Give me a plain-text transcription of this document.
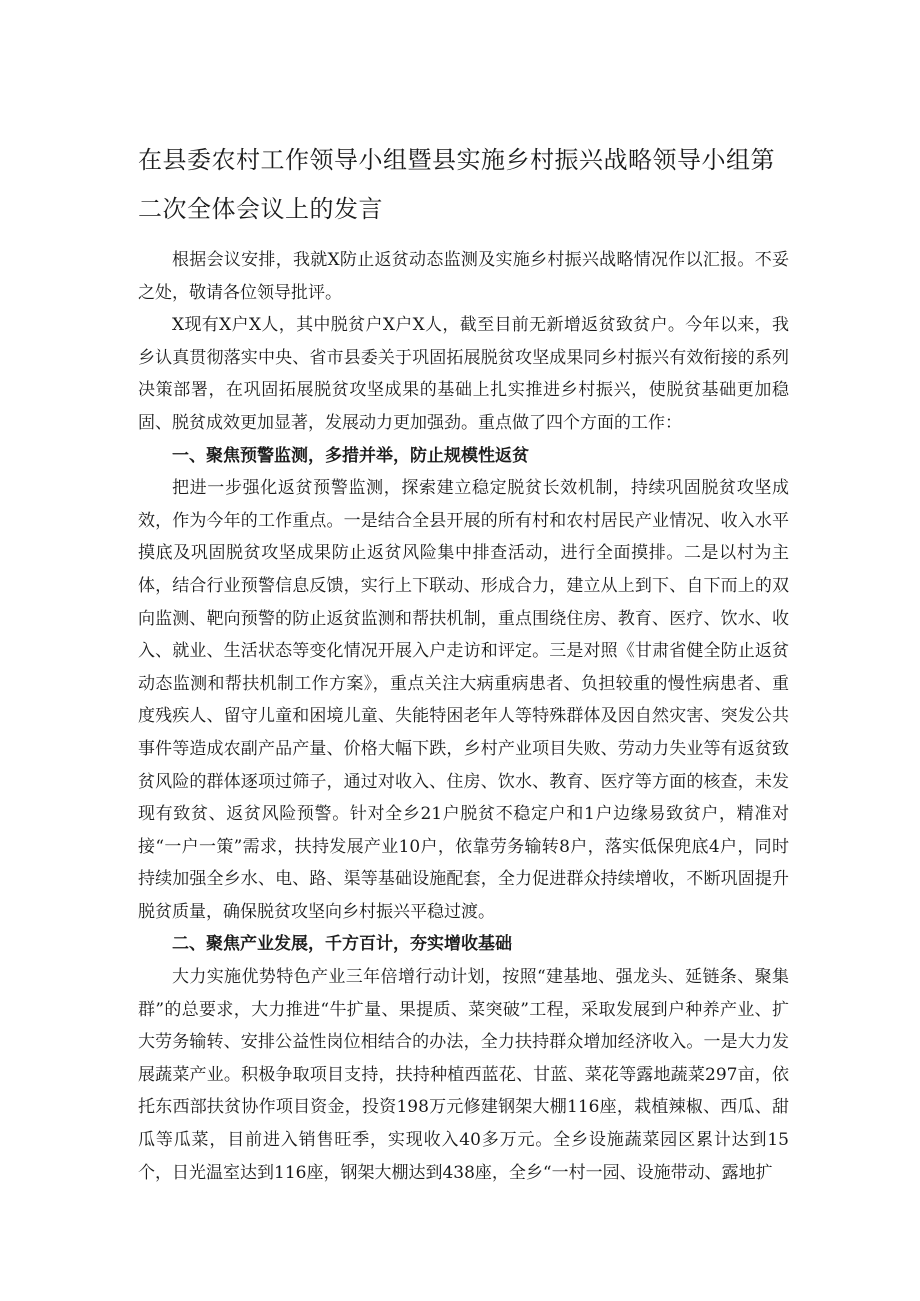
在县委农村工作领导小组暨县实施乡村振兴战略领导小组第二次全体会议上的发言

根据会议安排，我就X防止返贫动态监测及实施乡村振兴战略情况作以汇报。不妥之处，敬请各位领导批评。

X现有X户X人，其中脱贫户X户X人，截至目前无新增返贫致贫户。今年以来，我乡认真贯彻落实中央、省市县委关于巩固拓展脱贫攻坚成果同乡村振兴有效衔接的系列决策部署，在巩固拓展脱贫攻坚成果的基础上扎实推进乡村振兴，使脱贫基础更加稳固、脱贫成效更加显著，发展动力更加强劲。重点做了四个方面的工作：

一、聚焦预警监测，多措并举，防止规模性返贫

把进一步强化返贫预警监测，探索建立稳定脱贫长效机制，持续巩固脱贫攻坚成效，作为今年的工作重点。一是结合全县开展的所有村和农村居民产业情况、收入水平摸底及巩固脱贫攻坚成果防止返贫风险集中排查活动，进行全面摸排。二是以村为主体，结合行业预警信息反馈，实行上下联动、形成合力，建立从上到下、自下而上的双向监测、靶向预警的防止返贫监测和帮扶机制，重点围绕住房、教育、医疗、饮水、收入、就业、生活状态等变化情况开展入户走访和评定。三是对照《甘肃省健全防止返贫动态监测和帮扶机制工作方案》，重点关注大病重病患者、负担较重的慢性病患者、重度残疾人、留守儿童和困境儿童、失能特困老年人等特殊群体及因自然灾害、突发公共事件等造成农副产品产量、价格大幅下跌，乡村产业项目失败、劳动力失业等有返贫致贫风险的群体逐项过筛子，通过对收入、住房、饮水、教育、医疗等方面的核查，未发现有致贫、返贫风险预警。针对全乡21户脱贫不稳定户和1户边缘易致贫户，精准对接“一户一策”需求，扶持发展产业10户，依靠劳务输转8户，落实低保兜底4户，同时持续加强全乡水、电、路、渠等基础设施配套，全力促进群众持续增收，不断巩固提升脱贫质量，确保脱贫攻坚向乡村振兴平稳过渡。

二、聚焦产业发展，千方百计，夯实增收基础

大力实施优势特色产业三年倍增行动计划，按照“建基地、强龙头、延链条、聚集群”的总要求，大力推进“牛扩量、果提质、菜突破”工程，采取发展到户种养产业、扩大劳务输转、安排公益性岗位相结合的办法，全力扶持群众增加经济收入。一是大力发展蔬菜产业。积极争取项目支持，扶持种植西蓝花、甘蓝、菜花等露地蔬菜297亩，依托东西部扶贫协作项目资金，投资198万元修建钢架大棚116座，栽植辣椒、西瓜、甜瓜等瓜菜，目前进入销售旺季，实现收入40多万元。全乡设施蔬菜园区累计达到15个，日光温室达到116座，钢架大棚达到438座，全乡“一村一园、设施带动、露地扩
